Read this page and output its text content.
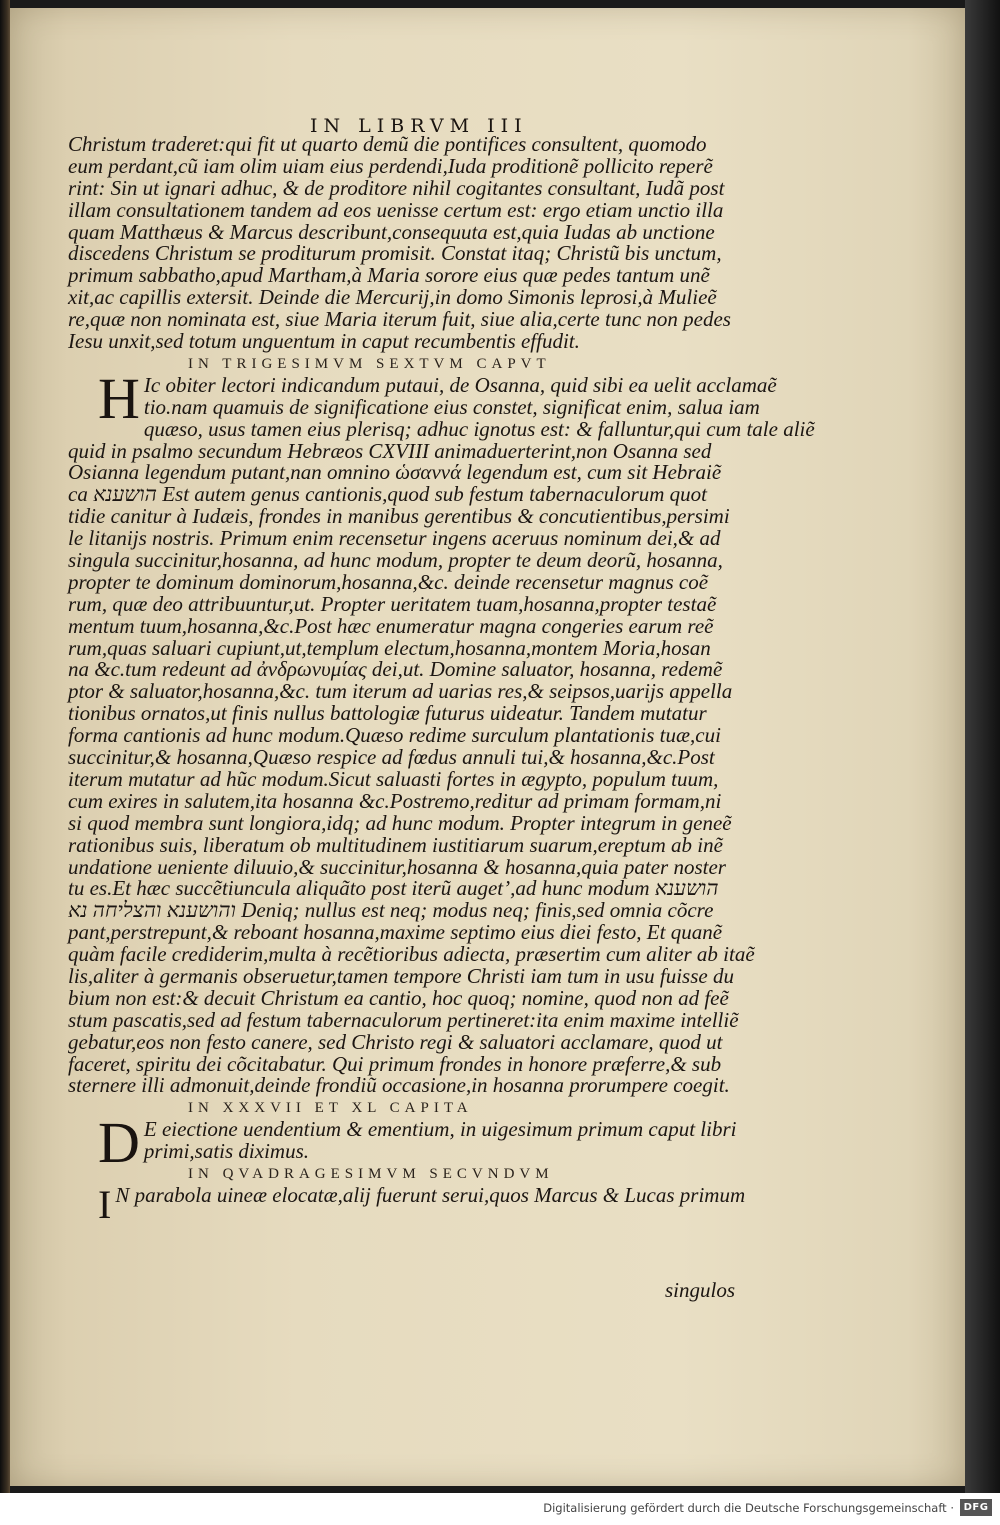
IN LIBRVM III
Christum traderet:qui fit ut quarto demũ die pontifices consultent, quomodo
eum perdant,cũ iam olim uiam eius perdendi,Iuda proditionẽ pollicito reperẽ
rint: Sin ut ignari adhuc, & de proditore nihil cogitantes consultant, Iudã post
illam consultationem tandem ad eos uenisse certum est: ergo etiam unctio illa
quam Matthæus & Marcus describunt,consequuta est,quia Iudas ab unctione
discedens Christum se proditurum promisit. Constat itaq; Christũ bis unctum,
primum sabbatho,apud Martham,à Maria sorore eius quæ pedes tantum unẽ
xit,ac capillis extersit. Deinde die Mercurij,in domo Simonis leprosi,à Mulieẽ
re,quæ non nominata est, siue Maria iterum fuit, siue alia,certe tunc non pedes
Iesu unxit,sed totum unguentum in caput recumbentis effudit.
IN TRIGESIMVM SEXTVM CAPVT
H Ic obiter lectori indicandum putaui, de Osanna, quid sibi ea uelit acclamaẽ
tio.nam quamuis de significatione eius constet, significat enim, salua iam
quæso, usus tamen eius plerisq; adhuc ignotus est: & falluntur,qui cum tale aliẽ
quid in psalmo secundum Hebræos CXVIII animaduerterint,non Osanna sed
Osianna legendum putant,nan omnino ὡσαννά legendum est, cum sit Hebraiẽ
ca הושענא Est autem genus cantionis,quod sub festum tabernaculorum quot
tidie canitur à Iudæis, frondes in manibus gerentibus & concutientibus,persimi
le litanijs nostris. Primum enim recensetur ingens aceruus nominum dei,& ad
singula succinitur,hosanna, ad hunc modum, propter te deum deorũ, hosanna,
propter te dominum dominorum,hosanna,&c. deinde recensetur magnus coẽ
rum, quæ deo attribuuntur,ut. Propter ueritatem tuam,hosanna,propter testaẽ
mentum tuum,hosanna,&c.Post hæc enumeratur magna congeries earum reẽ
rum,quas saluari cupiunt,ut,templum electum,hosanna,montem Moria,hosan
na &c.tum redeunt ad ἀνδρωνυμίας dei,ut. Domine saluator, hosanna, redemẽ
ptor & saluator,hosanna,&c. tum iterum ad uarias res,& seipsos,uarijs appella
tionibus ornatos,ut finis nullus battologiæ futurus uideatur. Tandem mutatur
forma cantionis ad hunc modum.Quæso redime surculum plantationis tuæ,cui
succinitur,& hosanna,Quæso respice ad fœdus annuli tui,& hosanna,&c.Post
iterum mutatur ad hũc modum.Sicut saluasti fortes in ægypto, populum tuum,
cum exires in salutem,ita hosanna &c.Postremo,reditur ad primam formam,ni
si quod membra sunt longiora,idq; ad hunc modum. Propter integrum in geneẽ
rationibus suis, liberatum ob multitudinem iustitiarum suarum,ereptum ab inẽ
undatione ueniente diluuio,& succinitur,hosanna & hosanna,quia pater noster
tu es.Et hæc succẽtiuncula aliquãto post iterũ augetʼ,ad hunc modum הושענא
והושענא והצליחה נא Deniq; nullus est neq; modus neq; finis,sed omnia cõcre
pant,perstrepunt,& reboant hosanna,maxime septimo eius diei festo, Et quanẽ
quàm facile crediderim,multa à recẽtioribus adiecta, præsertim cum aliter ab itaẽ
lis,aliter à germanis obseruetur,tamen tempore Christi iam tum in usu fuisse du
bium non est:& decuit Christum ea cantio, hoc quoq; nomine, quod non ad feẽ
stum pascatis,sed ad festum tabernaculorum pertineret:ita enim maxime intelliẽ
gebatur,eos non festo canere, sed Christo regi & saluatori acclamare, quod ut
faceret, spiritu dei cõcitabatur. Qui primum frondes in honore præferre,& sub
sternere illi admonuit,deinde frondiũ occasione,in hosanna prorumpere coegit.
IN XXXVII ET XL CAPITA
D E eiectione uendentium & ementium, in uigesimum primum caput libri
primi,satis diximus.
IN QVADRAGESIMVM SECVNDVM
I N parabola uineæ elocatæ,alij fuerunt serui,quos Marcus & Lucas primum
singulos
Digitalisierung gefördert durch die Deutsche Forschungsgemeinschaft · DFG
